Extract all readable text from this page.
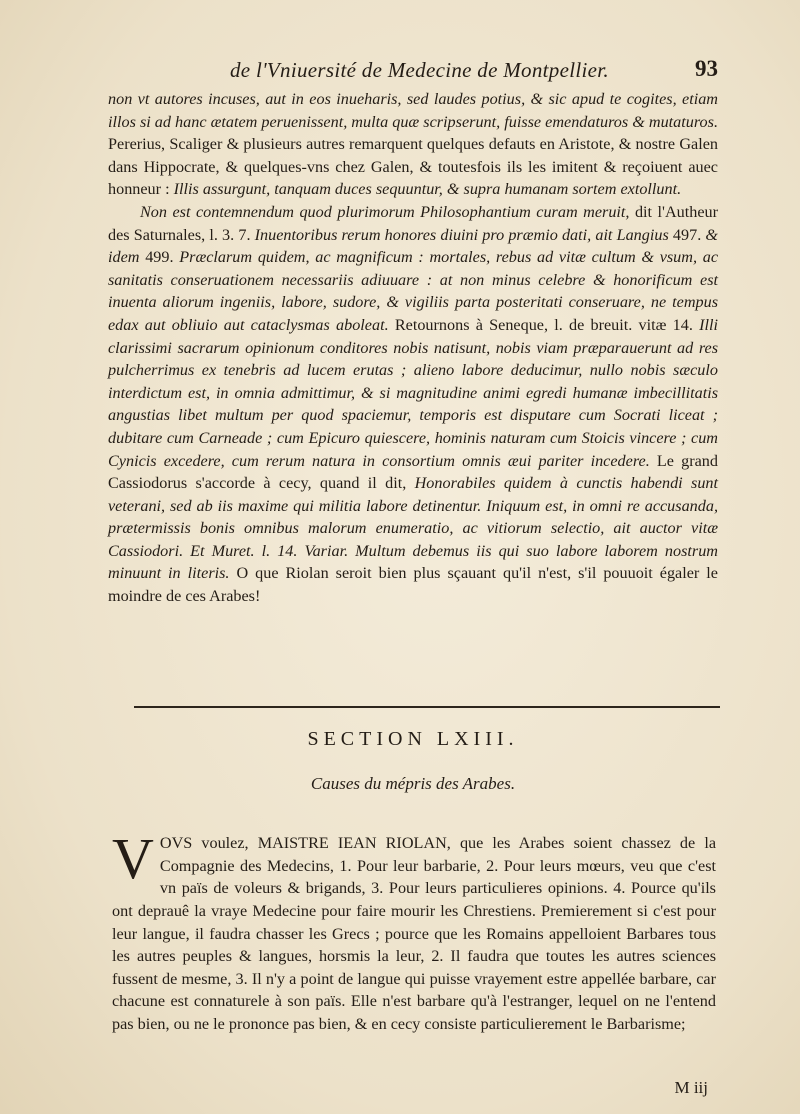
de l'Vniuersité de Medecine de Montpellier.	93

non vt autores incuses, aut in eos inueharis, sed laudes potius, & sic apud te cogites, etiam illos si ad hanc ætatem peruenissent, multa quæ scripserunt, fuisse emendaturos & mutaturos. Pererius, Scaliger & plusieurs autres remarquent quelques defauts en Aristote, & nostre Galen dans Hippocrate, & quelques-vns chez Galen, & toutesfois ils les imitent & reçoiuent auec honneur : Illis assurgunt, tanquam duces sequuntur, & supra humanam sortem extollunt.

Non est contemnendum quod plurimorum Philosophantium curam meruit, dit l'Autheur des Saturnales, l. 3. 7. Inuentoribus rerum honores diuini pro præmio dati, ait Langius 497. & idem 499. Præclarum quidem, ac magnificum : mortales, rebus ad vitæ cultum & vsum, ac sanitatis conseruationem necessariis adiuuare : at non minus celebre & honorificum est inuenta aliorum ingeniis, labore, sudore, & vigiliis parta posteritati conseruare, ne tempus edax aut obliuio aut cataclysmas aboleat. Retournons à Seneque, l. de breuit. vitæ 14. Illi clarissimi sacrarum opinionum conditores nobis natisunt, nobis viam præparauerunt ad res pulcherrimus ex tenebris ad lucem erutas ; alieno labore deducimur, nullo nobis sæculo interdictum est, in omnia admittimur, & si magnitudine animi egredi humanæ imbecillitatis angustias libet multum per quod spaciemur, temporis est disputare cum Socrati liceat ; dubitare cum Carneade ; cum Epicuro quiescere, hominis naturam cum Stoicis vincere ; cum Cynicis excedere, cum rerum natura in consortium omnis æui pariter incedere. Le grand Cassiodorus s'accorde à cecy, quand il dit, Honorabiles quidem à cunctis habendi sunt veterani, sed ab iis maxime qui militia labore detinentur. Iniquum est, in omni re accusanda, prætermissis bonis omnibus malorum enumeratio, ac vitiorum selectio, ait auctor vitæ Cassiodori. Et Muret. l. 14. Variar. Multum debemus iis qui suo labore laborem nostrum minuunt in literis. O que Riolan seroit bien plus sçauant qu'il n'est, s'il pouuoit égaler le moindre de ces Arabes!

SECTION LXIII.
Causes du mépris des Arabes.

VOVS voulez, MAISTRE IEAN RIOLAN, que les Arabes soient chassez de la Compagnie des Medecins, 1. Pour leur barbarie, 2. Pour leurs mœurs, veu que c'est vn païs de voleurs & brigands, 3. Pour leurs particulieres opinions. 4. Pource qu'ils ont deprauê la vraye Medecine pour faire mourir les Chrestiens. Premierement si c'est pour leur langue, il faudra chasser les Grecs ; pource que les Romains appelloient Barbares tous les autres peuples & langues, horsmis la leur, 2. Il faudra que toutes les autres sciences fussent de mesme, 3. Il n'y a point de langue qui puisse vrayement estre appellée barbare, car chacune est connaturele à son païs. Elle n'est barbare qu'à l'estranger, lequel on ne l'entend pas bien, ou ne le prononce pas bien, & en cecy consiste particulierement le Barbarisme;

M iij
